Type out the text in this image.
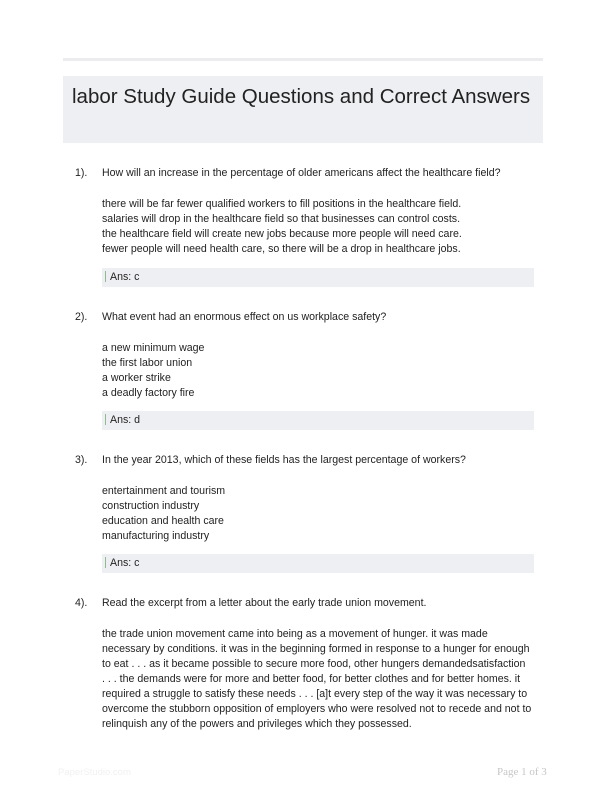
labor Study Guide Questions and Correct Answers
1). How will an increase in the percentage of older americans affect the healthcare field?
there will be far fewer qualified workers to fill positions in the healthcare field.
salaries will drop in the healthcare field so that businesses can control costs.
the healthcare field will create new jobs because more people will need care.
fewer people will need health care, so there will be a drop in healthcare jobs.
Ans: c
2). What event had an enormous effect on us workplace safety?
a new minimum wage
the first labor union
a worker strike
a deadly factory fire
Ans: d
3). In the year 2013, which of these fields has the largest percentage of workers?
entertainment and tourism
construction industry
education and health care
manufacturing industry
Ans: c
4). Read the excerpt from a letter about the early trade union movement.
the trade union movement came into being as a movement of hunger. it was made
necessary by conditions. it was in the beginning formed in response to a hunger for enough
to eat . . . as it became possible to secure more food, other hungers demandedsatisfaction
. . . the demands were for more and better food, for better clothes and for better homes. it
required a struggle to satisfy these needs . . . [a]t every step of the way it was necessary to
overcome the stubborn opposition of employers who were resolved not to recede and not to
relinquish any of the powers and privileges which they possessed.
PaperStudio.com	Page 1 of 3
